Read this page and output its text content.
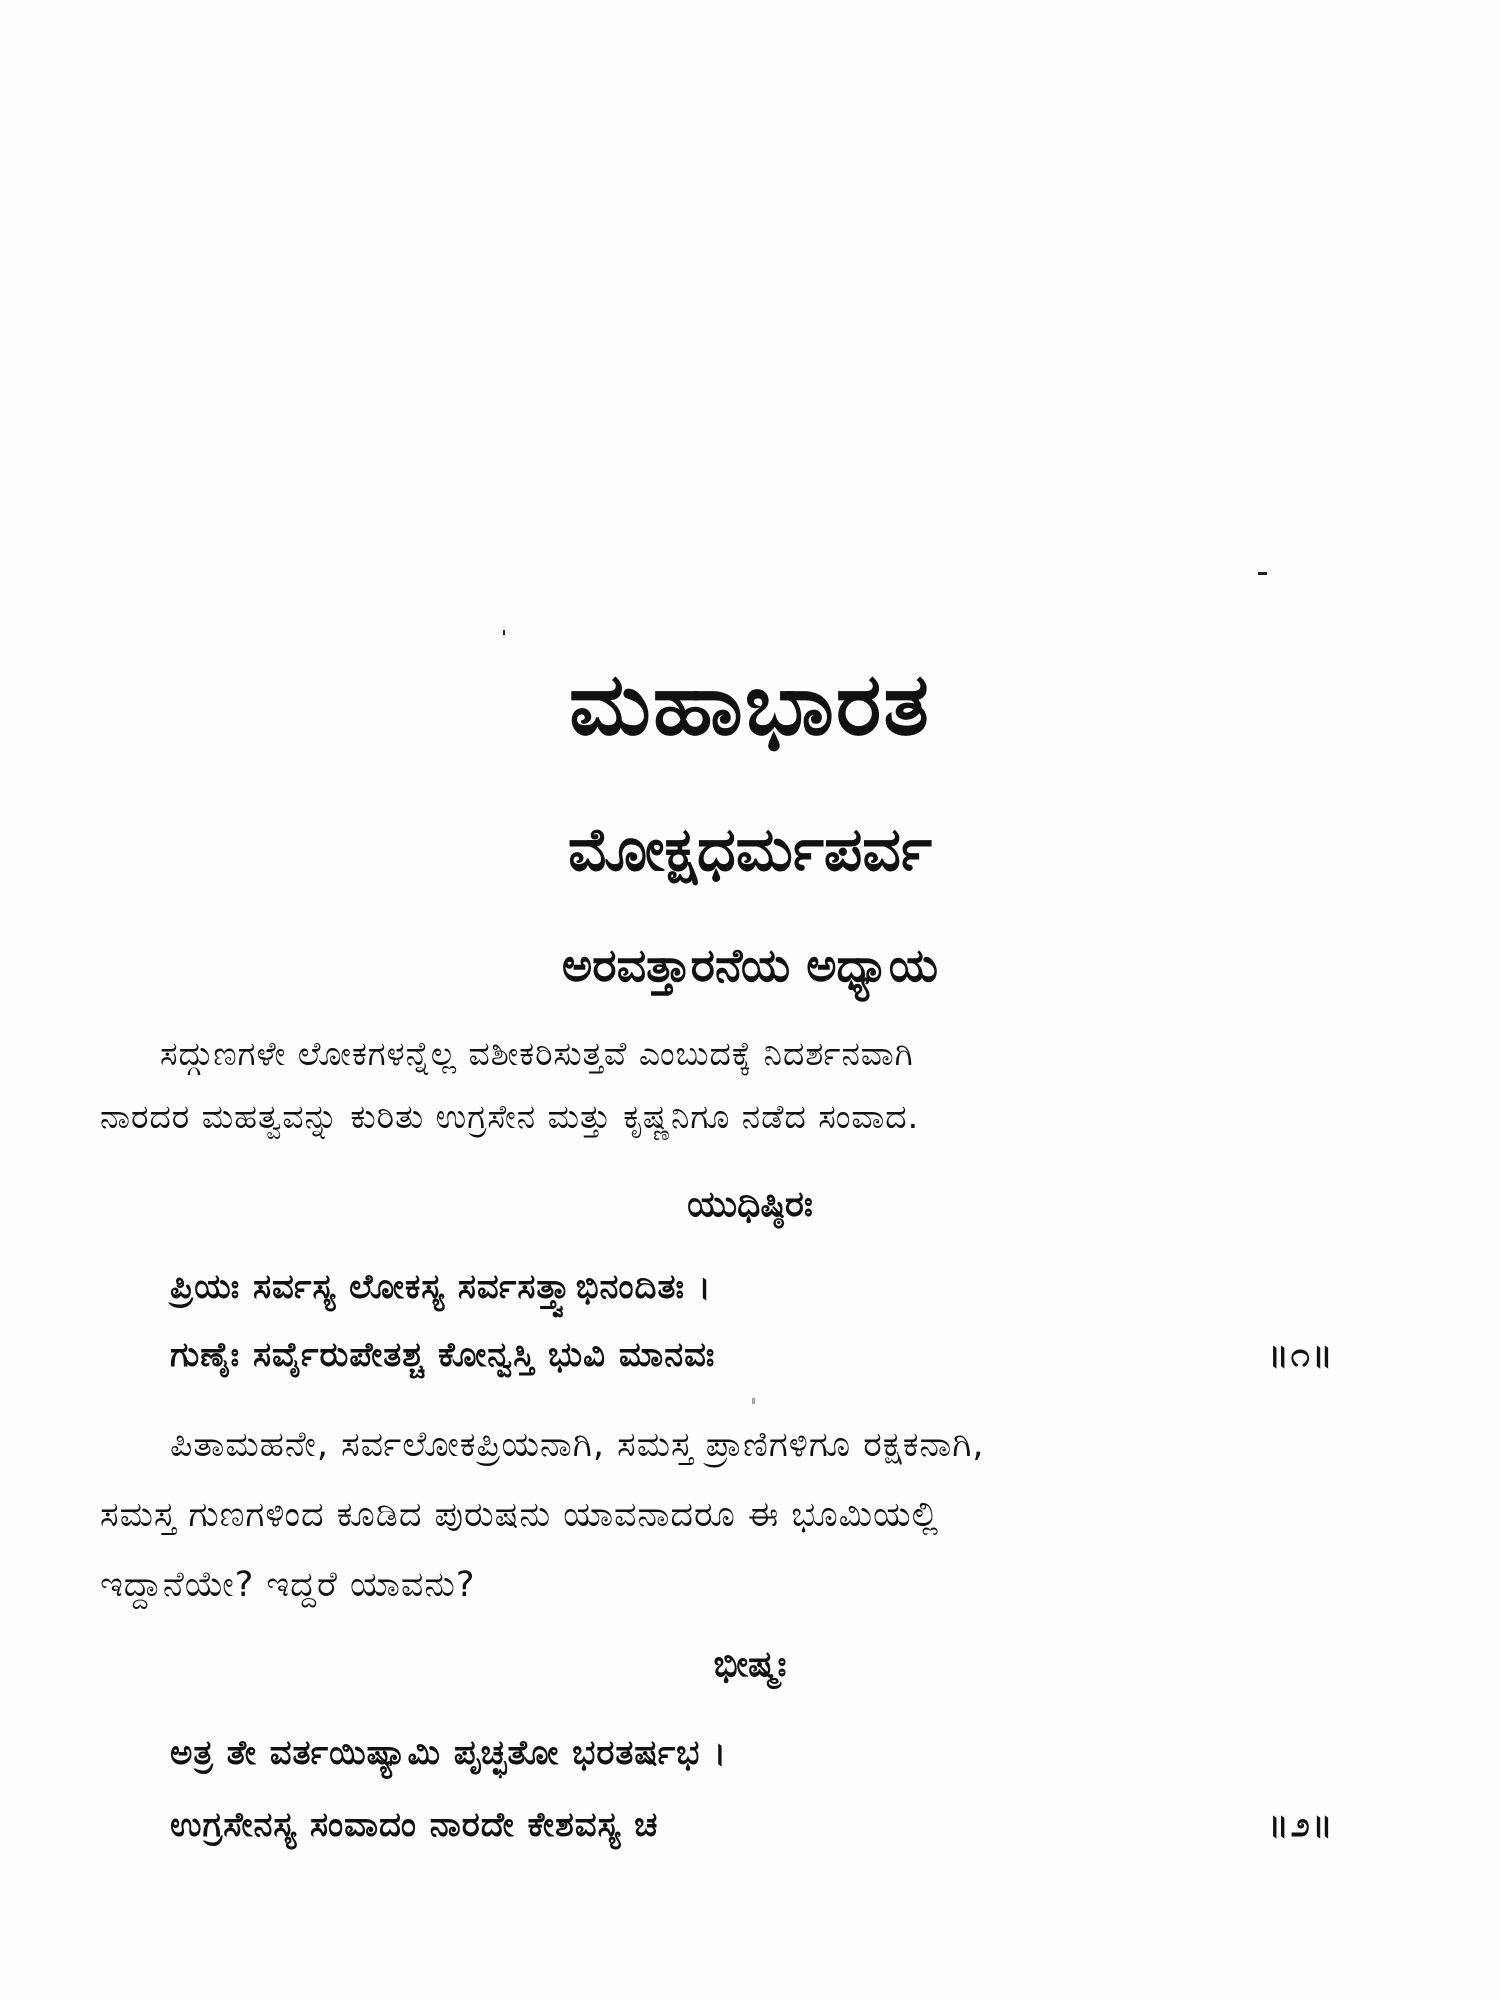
ಮಹಾಭಾರತ
ಮೋಕ್ಷಧರ್ಮಪರ್ವ
ಅರವತ್ತಾರನೆಯ ಅಧ್ಯಾಯ
ಸದ್ಗುಣಗಳೇ ಲೋಕಗಳನ್ನೆಲ್ಲ ವಶೀಕರಿಸುತ್ತವೆ ಎಂಬುದಕ್ಕೆ ನಿದರ್ಶನವಾಗಿ
ನಾರದರ ಮಹತ್ವವನ್ನು ಕುರಿತು ಉಗ್ರಸೇನ ಮತ್ತು ಕೃಷ್ಣನಿಗೂ ನಡೆದ ಸಂವಾದ.
ಯುಧಿಷ್ಠಿರಃ
ಪ್ರಿಯಃ ಸರ್ವಸ್ಯ ಲೋಕಸ್ಯ ಸರ್ವಸತ್ತ್ವಾಭಿನಂದಿತಃ ।
ಗುಣೈಃ ಸರ್ವೈರುಪೇತಶ್ಚ ಕೋನ್ವಸ್ತಿ ಭುವಿ ಮಾನವಃ	॥೧॥
ಪಿತಾಮಹನೇ, ಸರ್ವಲೋಕಪ್ರಿಯನಾಗಿ, ಸಮಸ್ತ ಪ್ರಾಣಿಗಳಿಗೂ ರಕ್ಷಕನಾಗಿ,
ಸಮಸ್ತ ಗುಣಗಳಿಂದ ಕೂಡಿದ ಪುರುಷನು ಯಾವನಾದರೂ ಈ ಭೂಮಿಯಲ್ಲಿ
ಇದ್ದಾನೆಯೇ? ಇದ್ದರೆ ಯಾವನು?
ಭೀಷ್ಮಃ
ಅತ್ರ ತೇ ವರ್ತಯಿಷ್ಯಾಮಿ ಪೃಚ್ಛತೋ ಭರತರ್ಷಭ ।
ಉಗ್ರಸೇನಸ್ಯ ಸಂವಾದಂ ನಾರದೇ ಕೇಶವಸ್ಯ ಚ	॥೨॥
